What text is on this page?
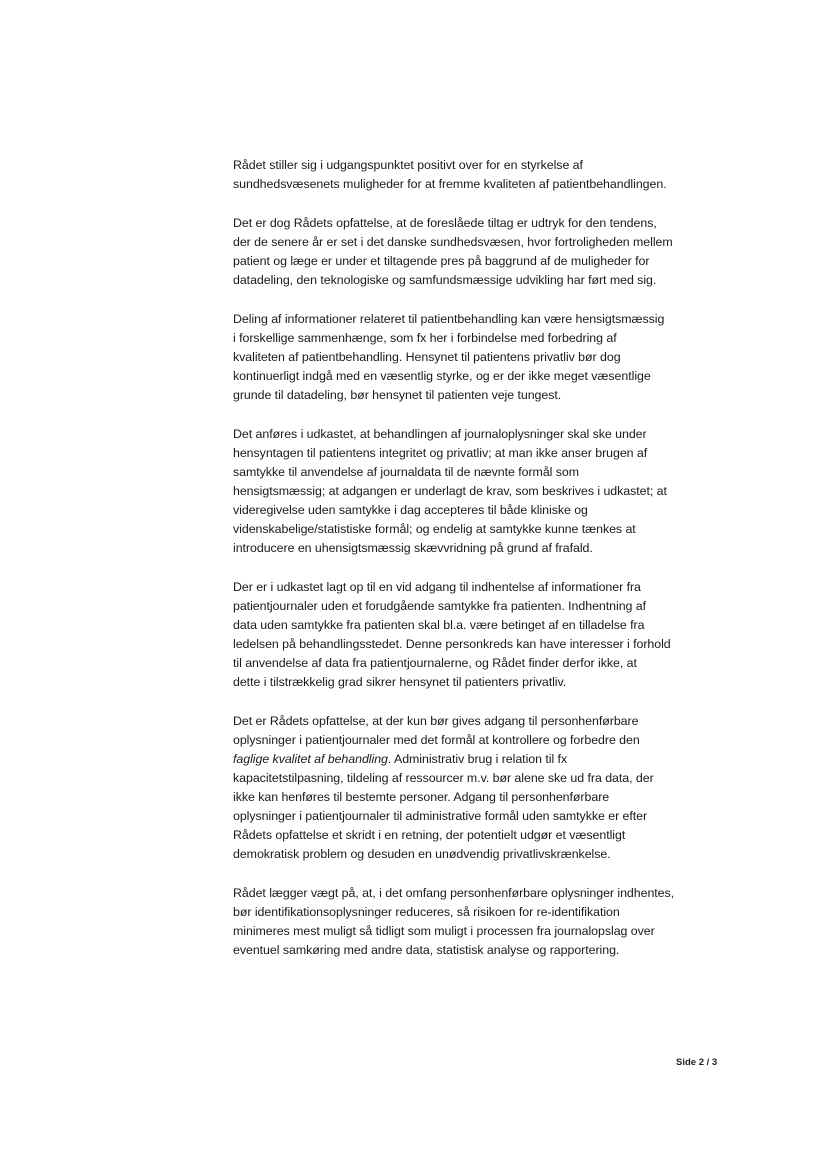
Rådet stiller sig i udgangspunktet positivt over for en styrkelse af
sundhedsvæsenets muligheder for at fremme kvaliteten af patientbehandlingen.

Det er dog Rådets opfattelse, at de foreslåede tiltag er udtryk for den tendens,
der de senere år er set i det danske sundhedsvæsen, hvor fortroligheden mellem
patient og læge er under et tiltagende pres på baggrund af de muligheder for
datadeling, den teknologiske og samfundsmæssige udvikling har ført med sig.

Deling af informationer relateret til patientbehandling kan være hensigtsmæssig
i forskellige sammenhænge, som fx her i forbindelse med forbedring af
kvaliteten af patientbehandling. Hensynet til patientens privatliv bør dog
kontinuerligt indgå med en væsentlig styrke, og er der ikke meget væsentlige
grunde til datadeling, bør hensynet til patienten veje tungest.

Det anføres i udkastet, at behandlingen af journaloplysninger skal ske under
hensyntagen til patientens integritet og privatliv; at man ikke anser brugen af
samtykke til anvendelse af journaldata til de nævnte formål som
hensigtsmæssig; at adgangen er underlagt de krav, som beskrives i udkastet; at
videregivelse uden samtykke i dag accepteres til både kliniske og
videnskabelige/statistiske formål; og endelig at samtykke kunne tænkes at
introducere en uhensigtsmæssig skævvridning på grund af frafald.

Der er i udkastet lagt op til en vid adgang til indhentelse af informationer fra
patientjournaler uden et forudgående samtykke fra patienten. Indhentning af
data uden samtykke fra patienten skal bl.a. være betinget af en tilladelse fra
ledelsen på behandlingsstedet. Denne personkreds kan have interesser i forhold
til anvendelse af data fra patientjournalerne, og Rådet finder derfor ikke, at
dette i tilstrækkelig grad sikrer hensynet til patienters privatliv.

Det er Rådets opfattelse, at der kun bør gives adgang til personhenførbare
oplysninger i patientjournaler med det formål at kontrollere og forbedre den
faglige kvalitet af behandling. Administrativ brug i relation til fx
kapacitetstilpasning, tildeling af ressourcer m.v. bør alene ske ud fra data, der
ikke kan henføres til bestemte personer. Adgang til personhenførbare
oplysninger i patientjournaler til administrative formål uden samtykke er efter
Rådets opfattelse et skridt i en retning, der potentielt udgør et væsentligt
demokratisk problem og desuden en unødvendig privatlivskrænkelse.

Rådet lægger vægt på, at, i det omfang personhenførbare oplysninger indhentes,
bør identifikationsoplysninger reduceres, så risikoen for re-identifikation
minimeres mest muligt så tidligt som muligt i processen fra journalopslag over
eventuel samkøring med andre data, statistisk analyse og rapportering.

Side 2 / 3
